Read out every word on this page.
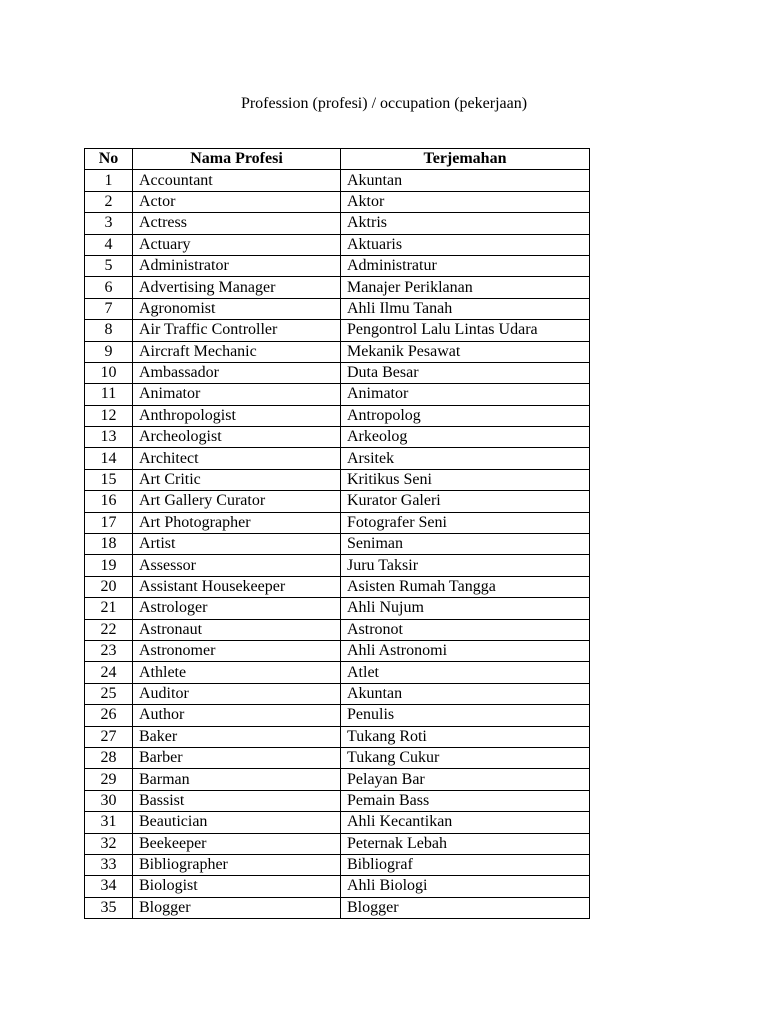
Profession (profesi) / occupation (pekerjaan)
No	Nama Profesi	Terjemahan
1	Accountant	Akuntan
2	Actor	Aktor
3	Actress	Aktris
4	Actuary	Aktuaris
5	Administrator	Administratur
6	Advertising Manager	Manajer Periklanan
7	Agronomist	Ahli Ilmu Tanah
8	Air Traffic Controller	Pengontrol Lalu Lintas Udara
9	Aircraft Mechanic	Mekanik Pesawat
10	Ambassador	Duta Besar
11	Animator	Animator
12	Anthropologist	Antropolog
13	Archeologist	Arkeolog
14	Architect	Arsitek
15	Art Critic	Kritikus Seni
16	Art Gallery Curator	Kurator Galeri
17	Art Photographer	Fotografer Seni
18	Artist	Seniman
19	Assessor	Juru Taksir
20	Assistant Housekeeper	Asisten Rumah Tangga
21	Astrologer	Ahli Nujum
22	Astronaut	Astronot
23	Astronomer	Ahli Astronomi
24	Athlete	Atlet
25	Auditor	Akuntan
26	Author	Penulis
27	Baker	Tukang Roti
28	Barber	Tukang Cukur
29	Barman	Pelayan Bar
30	Bassist	Pemain Bass
31	Beautician	Ahli Kecantikan
32	Beekeeper	Peternak Lebah
33	Bibliographer	Bibliograf
34	Biologist	Ahli Biologi
35	Blogger	Blogger
